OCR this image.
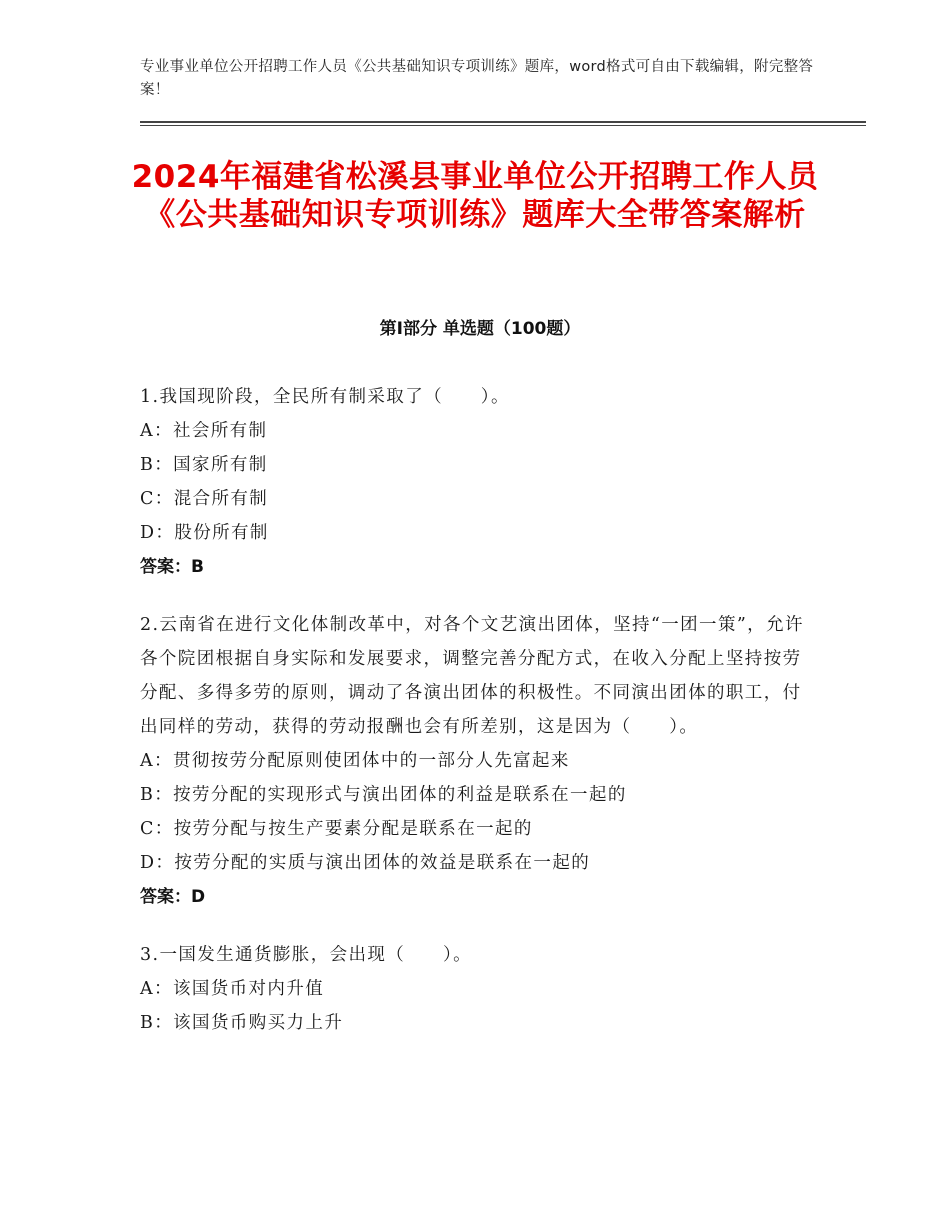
专业事业单位公开招聘工作人员《公共基础知识专项训练》题库，word格式可自由下载编辑，附完整答案！
2024年福建省松溪县事业单位公开招聘工作人员《公共基础知识专项训练》题库大全带答案解析
第Ⅰ部分 单选题（100题）
1.我国现阶段，全民所有制采取了（　　）。
A：社会所有制
B：国家所有制
C：混合所有制
D：股份所有制
答案：B
2.云南省在进行文化体制改革中，对各个文艺演出团体，坚持“一团一策”，允许各个院团根据自身实际和发展要求，调整完善分配方式，在收入分配上坚持按劳分配、多得多劳的原则，调动了各演出团体的积极性。不同演出团体的职工，付出同样的劳动，获得的劳动报酬也会有所差别，这是因为（　　）。
A：贯彻按劳分配原则使团体中的一部分人先富起来
B：按劳分配的实现形式与演出团体的利益是联系在一起的
C：按劳分配与按生产要素分配是联系在一起的
D：按劳分配的实质与演出团体的效益是联系在一起的
答案：D
3.一国发生通货膨胀，会出现（　　）。
A：该国货币对内升值
B：该国货币购买力上升
